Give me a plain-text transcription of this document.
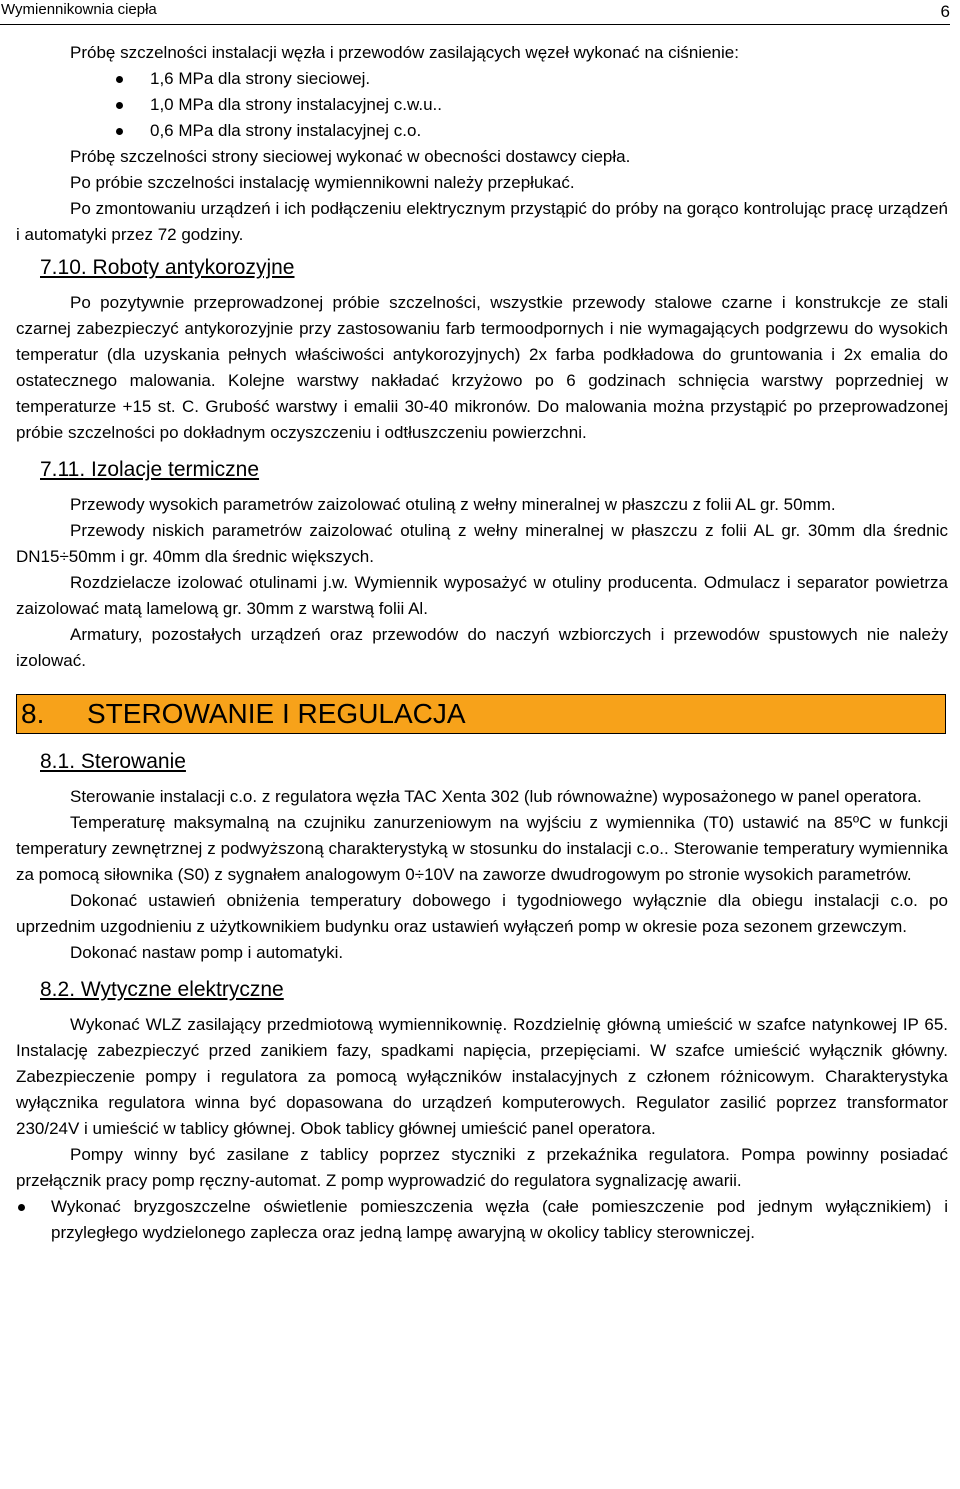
Wymiennikownia ciepła	6

Próbę szczelności instalacji węzła i przewodów zasilających węzeł wykonać na ciśnienie:

1,6 MPa dla strony sieciowej.
1,0 MPa dla strony instalacyjnej c.w.u..
0,6 MPa dla strony instalacyjnej c.o.

Próbę szczelności strony sieciowej wykonać w obecności dostawcy ciepła.

Po próbie szczelności instalację wymiennikowni należy przepłukać.

Po zmontowaniu urządzeń i ich podłączeniu elektrycznym przystąpić do próby na gorąco kontrolując pracę urządzeń i automatyki przez 72 godziny.

7.10. Roboty antykorozyjne

Po pozytywnie przeprowadzonej próbie szczelności, wszystkie przewody stalowe czarne i konstrukcje ze stali czarnej zabezpieczyć antykorozyjnie przy zastosowaniu farb termoodpornych i nie wymagających podgrzewu do wysokich temperatur (dla uzyskania pełnych właściwości antykorozyjnych) 2x farba podkładowa do gruntowania i 2x emalia do ostatecznego malowania. Kolejne warstwy nakładać krzyżowo po 6 godzinach schnięcia warstwy poprzedniej w temperaturze +15 st. C. Grubość warstwy i emalii 30-40 mikronów. Do malowania można przystąpić po przeprowadzonej próbie szczelności po dokładnym oczyszczeniu i odtłuszczeniu powierzchni.

7.11. Izolacje termiczne

Przewody wysokich parametrów zaizolować otuliną z wełny mineralnej w płaszczu z folii AL gr. 50mm.

Przewody niskich parametrów zaizolować otuliną z wełny mineralnej w płaszczu z folii AL gr. 30mm dla średnic DN15÷50mm i gr. 40mm dla średnic większych.

Rozdzielacze izolować otulinami j.w. Wymiennik wyposażyć w otuliny producenta. Odmulacz i separator powietrza zaizolować matą lamelową gr. 30mm z warstwą folii Al.

Armatury, pozostałych urządzeń oraz przewodów do naczyń wzbiorczych i przewodów spustowych nie należy izolować.

8. STEROWANIE I REGULACJA
8.1. Sterowanie

Sterowanie instalacji c.o. z regulatora węzła TAC Xenta 302 (lub równoważne) wyposażonego w panel operatora.

Temperaturę maksymalną na czujniku zanurzeniowym na wyjściu z wymiennika (T0) ustawić na 85ºC w funkcji temperatury zewnętrznej z podwyższoną charakterystyką w stosunku do instalacji c.o.. Sterowanie temperatury wymiennika za pomocą siłownika (S0) z sygnałem analogowym 0÷10V na zaworze dwudrogowym po stronie wysokich parametrów.

Dokonać ustawień obniżenia temperatury dobowego i tygodniowego wyłącznie dla obiegu instalacji c.o. po uprzednim uzgodnieniu z użytkownikiem budynku oraz ustawień wyłączeń pomp w okresie poza sezonem grzewczym.

Dokonać nastaw pomp i automatyki.

8.2. Wytyczne elektryczne

Wykonać WLZ zasilający przedmiotową wymiennikownię. Rozdzielnię główną umieścić w szafce natynkowej IP 65. Instalację zabezpieczyć przed zanikiem fazy, spadkami napięcia, przepięciami. W szafce umieścić wyłącznik główny. Zabezpieczenie pompy i regulatora za pomocą wyłączników instalacyjnych z członem różnicowym. Charakterystyka wyłącznika regulatora winna być dopasowana do urządzeń komputerowych. Regulator zasilić poprzez transformator 230/24V i umieścić w tablicy głównej. Obok tablicy głównej umieścić panel operatora.

Pompy winny być zasilane z tablicy poprzez styczniki z przekaźnika regulatora. Pompa powinny posiadać przełącznik pracy pomp ręczny-automat. Z pomp wyprowadzić do regulatora sygnalizację awarii.

Wykonać bryzgoszczelne oświetlenie pomieszczenia węzła (całe pomieszczenie pod jednym wyłącznikiem) i przyległego wydzielonego zaplecza oraz jedną lampę awaryjną w okolicy tablicy sterowniczej.
